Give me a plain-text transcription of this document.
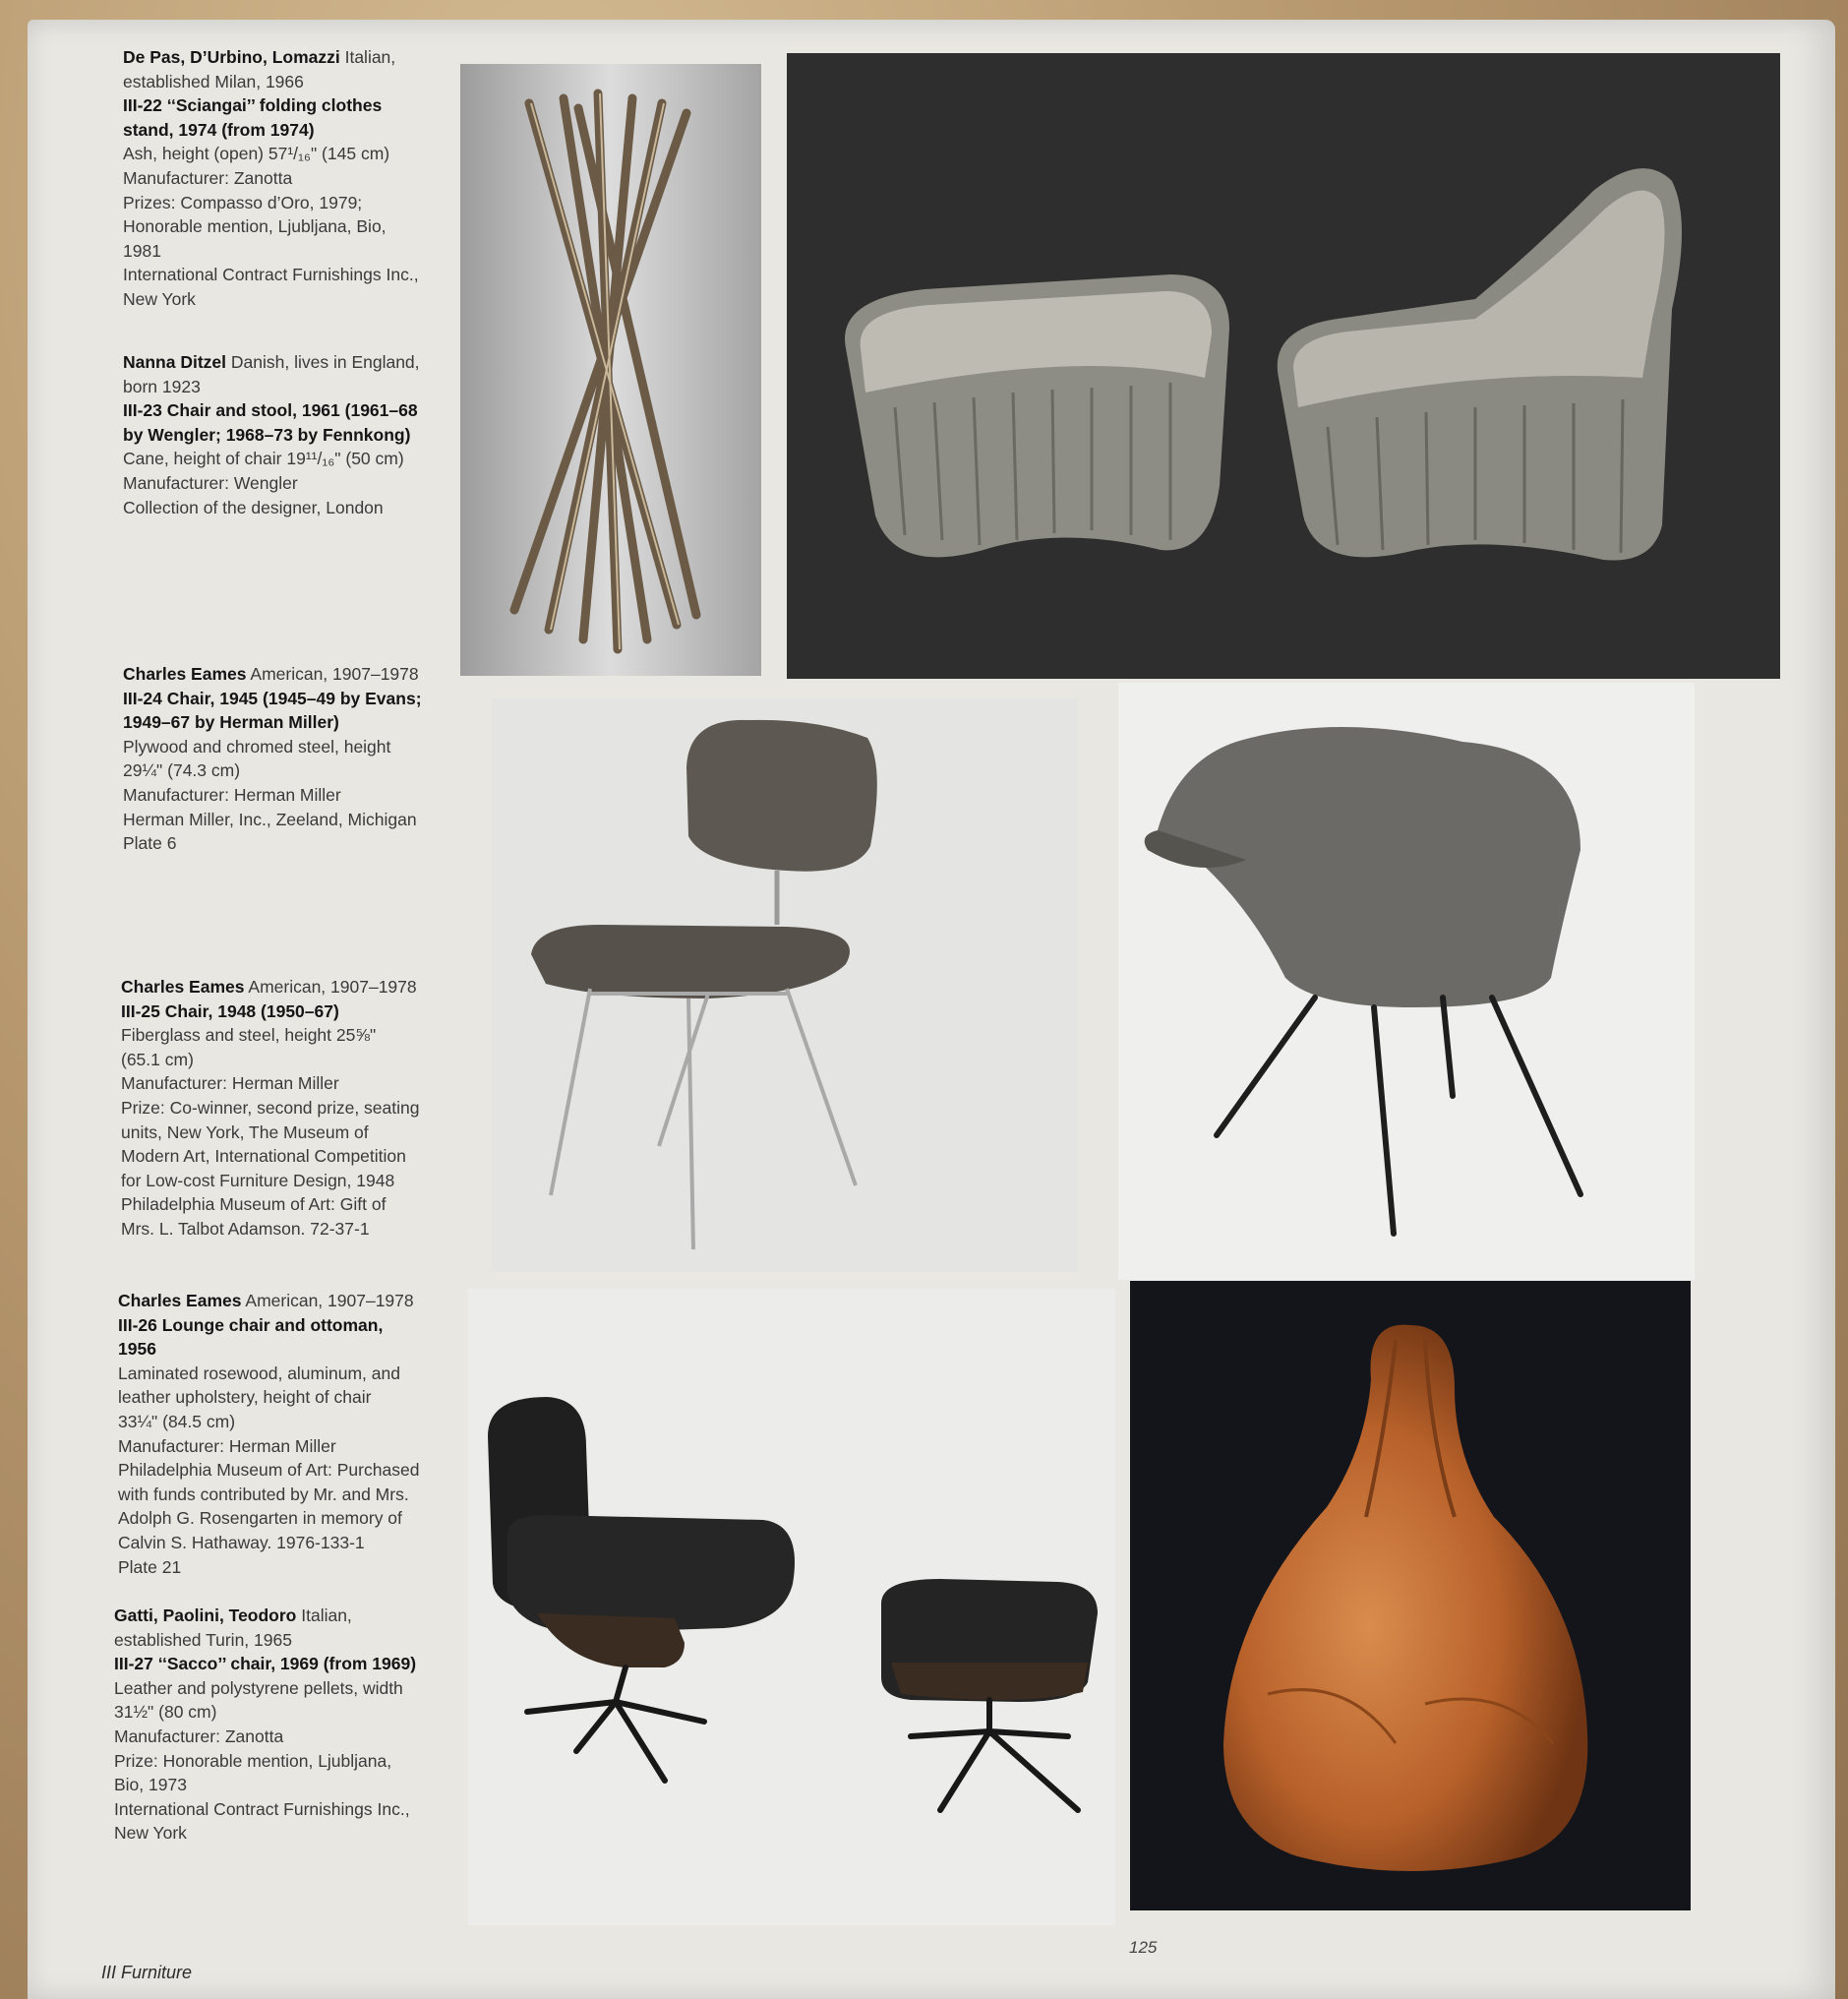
De Pas, D’Urbino, Lomazzi Italian,
established Milan, 1966
III-22 ‘‘Sciangai’’ folding clothes
stand, 1974 (from 1974)
Ash, height (open) 57¹/₁₆" (145 cm)
Manufacturer: Zanotta
Prizes: Compasso d’Oro, 1979;
Honorable mention, Ljubljana, Bio,
1981
International Contract Furnishings Inc.,
New York
Nanna Ditzel Danish, lives in England,
born 1923
III-23 Chair and stool, 1961 (1961–68
by Wengler; 1968–73 by Fennkong)
Cane, height of chair 19¹¹/₁₆" (50 cm)
Manufacturer: Wengler
Collection of the designer, London
Charles Eames American, 1907–1978
III-24 Chair, 1945 (1945–49 by Evans;
1949–67 by Herman Miller)
Plywood and chromed steel, height
29¼" (74.3 cm)
Manufacturer: Herman Miller
Herman Miller, Inc., Zeeland, Michigan
Plate 6
Charles Eames American, 1907–1978
III-25 Chair, 1948 (1950–67)
Fiberglass and steel, height 25⅝"
(65.1 cm)
Manufacturer: Herman Miller
Prize: Co-winner, second prize, seating
units, New York, The Museum of
Modern Art, International Competition
for Low-cost Furniture Design, 1948
Philadelphia Museum of Art: Gift of
Mrs. L. Talbot Adamson. 72-37-1
Charles Eames American, 1907–1978
III-26 Lounge chair and ottoman,
1956
Laminated rosewood, aluminum, and
leather upholstery, height of chair
33¼" (84.5 cm)
Manufacturer: Herman Miller
Philadelphia Museum of Art: Purchased
with funds contributed by Mr. and Mrs.
Adolph G. Rosengarten in memory of
Calvin S. Hathaway. 1976-133-1
Plate 21
Gatti, Paolini, Teodoro Italian,
established Turin, 1965
III-27 ‘‘Sacco’’ chair, 1969 (from 1969)
Leather and polystyrene pellets, width
31½" (80 cm)
Manufacturer: Zanotta
Prize: Honorable mention, Ljubljana,
Bio, 1973
International Contract Furnishings Inc.,
New York
III Furniture
125
